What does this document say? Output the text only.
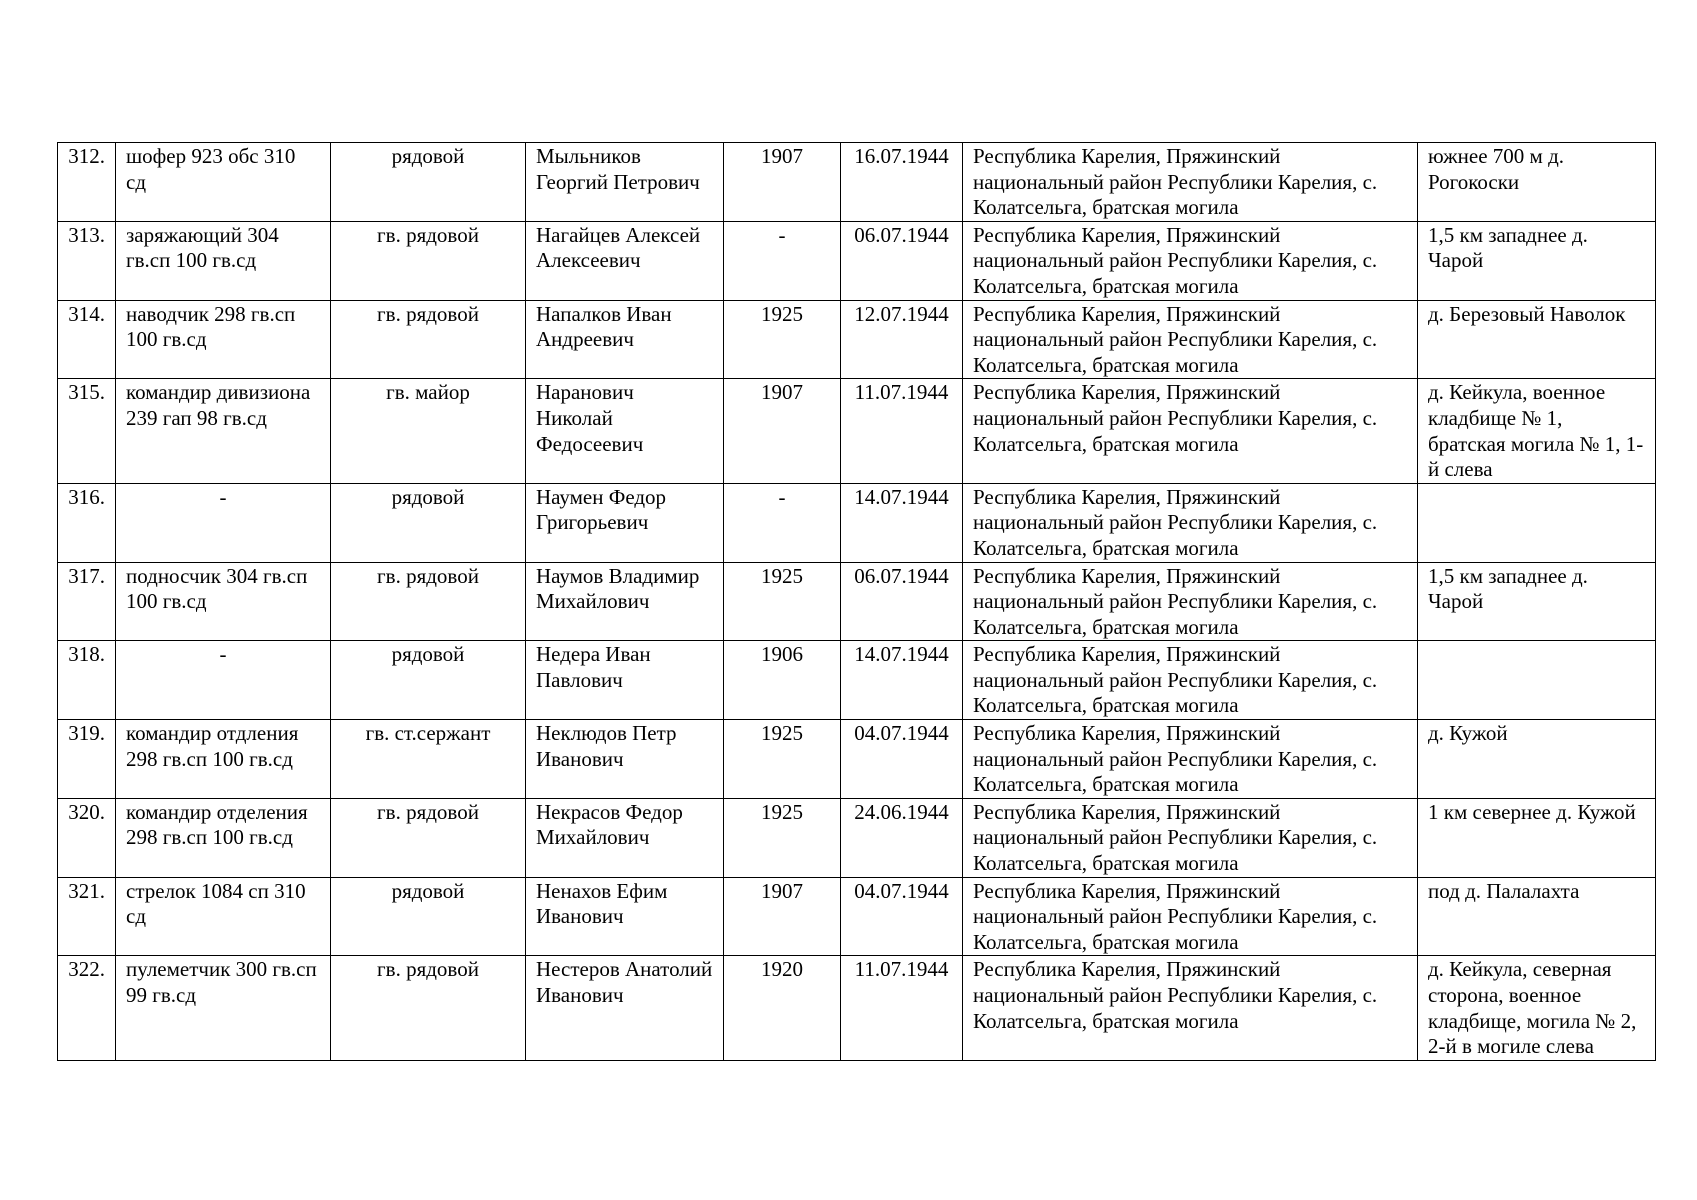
312.	шофер 923 обс 310 сд	рядовой	Мыльников Георгий Петрович	1907	16.07.1944	Республика Карелия, Пряжинский национальный район Республики Карелия, с. Колатсельга, братская могила	южнее 700 м д. Рогокоски
313.	заряжающий 304 гв.сп 100 гв.сд	гв. рядовой	Нагайцев Алексей Алексеевич	-	06.07.1944	Республика Карелия, Пряжинский национальный район Республики Карелия, с. Колатсельга, братская могила	1,5 км западнее д. Чарой
314.	наводчик 298 гв.сп 100 гв.сд	гв. рядовой	Напалков Иван Андреевич	1925	12.07.1944	Республика Карелия, Пряжинский национальный район Республики Карелия, с. Колатсельга, братская могила	д. Березовый Наволок
315.	командир дивизиона 239 гап 98 гв.сд	гв. майор	Наранович Николай Федосеевич	1907	11.07.1944	Республика Карелия, Пряжинский национальный район Республики Карелия, с. Колатсельга, братская могила	д. Кейкула, военное кладбище № 1, братская могила № 1, 1-й слева
316.	-	рядовой	Наумен Федор Григорьевич	-	14.07.1944	Республика Карелия, Пряжинский национальный район Республики Карелия, с. Колатсельга, братская могила	
317.	подносчик 304 гв.сп 100 гв.сд	гв. рядовой	Наумов Владимир Михайлович	1925	06.07.1944	Республика Карелия, Пряжинский национальный район Республики Карелия, с. Колатсельга, братская могила	1,5 км западнее д. Чарой
318.	-	рядовой	Недера Иван Павлович	1906	14.07.1944	Республика Карелия, Пряжинский национальный район Республики Карелия, с. Колатсельга, братская могила	
319.	командир отдления 298 гв.сп 100 гв.сд	гв. ст.сержант	Неклюдов Петр Иванович	1925	04.07.1944	Республика Карелия, Пряжинский национальный район Республики Карелия, с. Колатсельга, братская могила	д. Кужой
320.	командир отделения 298 гв.сп 100 гв.сд	гв. рядовой	Некрасов Федор Михайлович	1925	24.06.1944	Республика Карелия, Пряжинский национальный район Республики Карелия, с. Колатсельга, братская могила	1 км севернее д. Кужой
321.	стрелок 1084 сп 310 сд	рядовой	Ненахов Ефим Иванович	1907	04.07.1944	Республика Карелия, Пряжинский национальный район Республики Карелия, с. Колатсельга, братская могила	под д. Палалахта
322.	пулеметчик 300 гв.сп 99 гв.сд	гв. рядовой	Нестеров Анатолий Иванович	1920	11.07.1944	Республика Карелия, Пряжинский национальный район Республики Карелия, с. Колатсельга, братская могила	д. Кейкула, северная сторона, военное кладбище, могила № 2, 2-й в могиле слева
